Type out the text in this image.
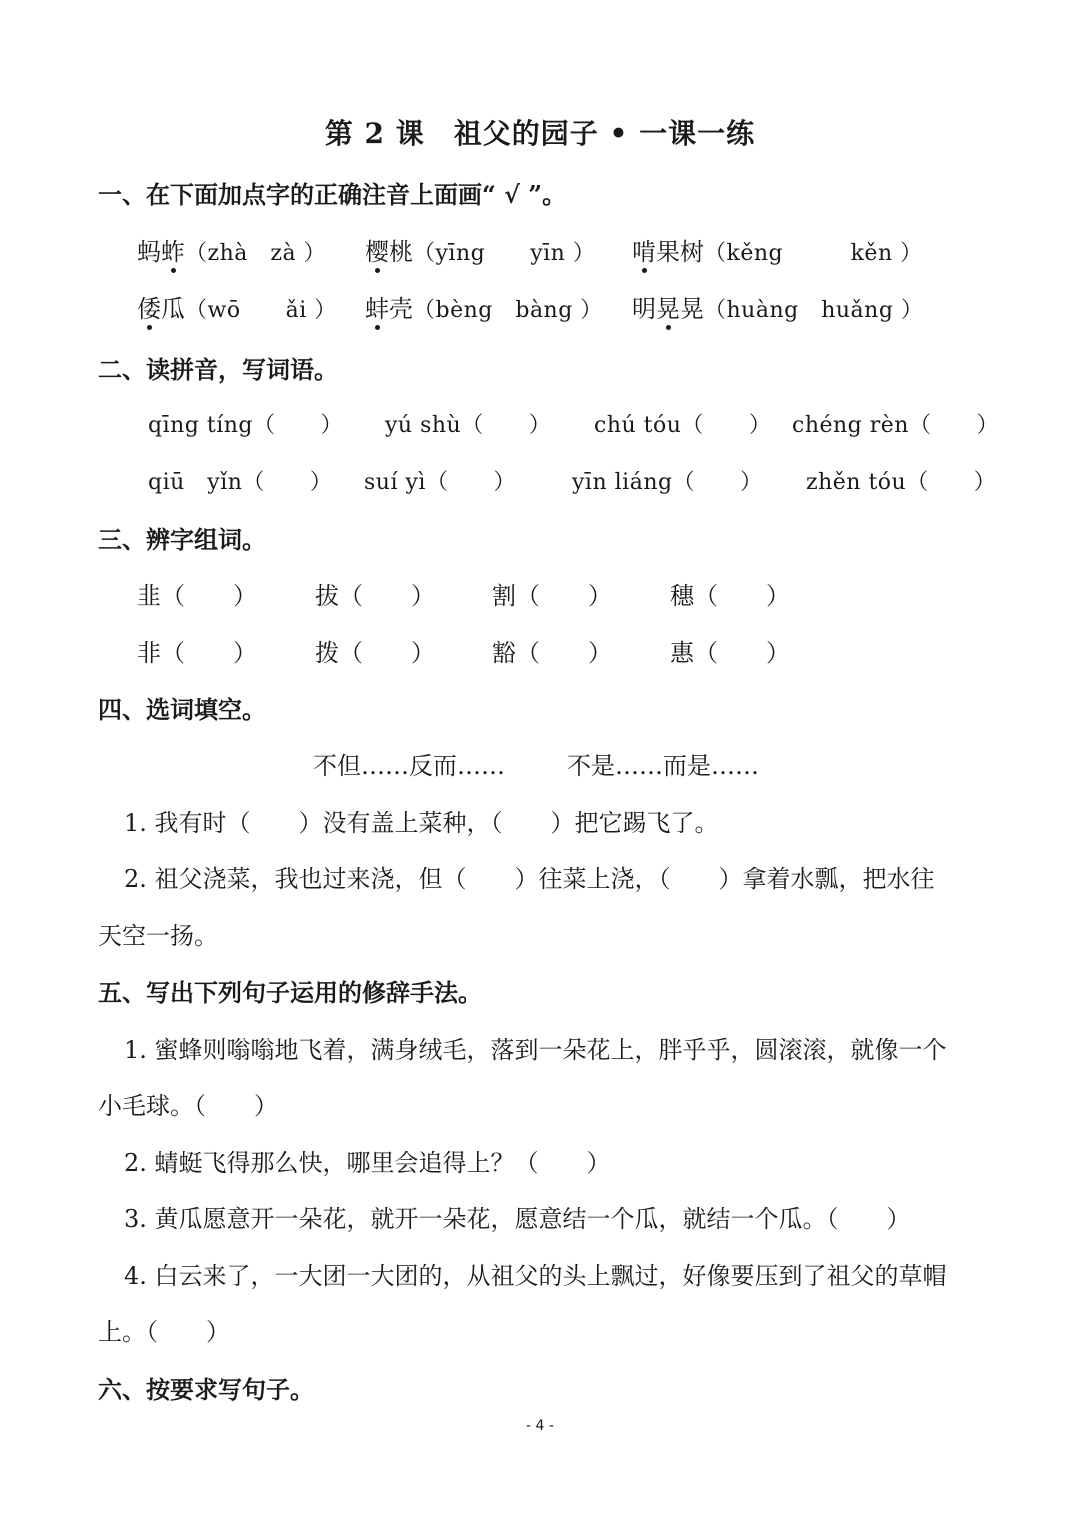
第 2 课　祖父的园子 • 一课一练
一、在下面加点字的正确注音上面画“ √ ”。
蚂蚱（zhà　zà ） 樱桃（yīng　　yīn ） 啃果树（kěng　　　kěn ）
倭瓜（wō　　ǎi ） 蚌壳（bèng　bàng ） 明晃晃（huàng　huǎng ）
二、读拼音，写词语。
qīng tíng（　　） yú shù（　　） chú tóu（　　） chéng rèn（　　）
qiū　yǐn（　　） suí yì（　　）	yīn liáng（　　） zhěn tóu（　　）
三、辨字组词。
韭（　　） 拔（　　） 割（　　） 穗（　　）
非（　　） 拨（　　） 豁（　　） 惠（　　）
四、选词填空。
不但……反而……	不是……而是……
1. 我有时（　　）没有盖上菜种，（　　）把它踢飞了。
2. 祖父浇菜，我也过来浇，但（　　）往菜上浇，（　　）拿着水瓢，把水往
天空一扬。
五、写出下列句子运用的修辞手法。
1. 蜜蜂则嗡嗡地飞着，满身绒毛，落到一朵花上，胖乎乎，圆滚滚，就像一个
小毛球。（　　）
2. 蜻蜓飞得那么快，哪里会追得上？（　　）
3. 黄瓜愿意开一朵花，就开一朵花，愿意结一个瓜，就结一个瓜。（　　）
4. 白云来了，一大团一大团的，从祖父的头上飘过，好像要压到了祖父的草帽
上。（　　）
六、按要求写句子。
- 4 -
